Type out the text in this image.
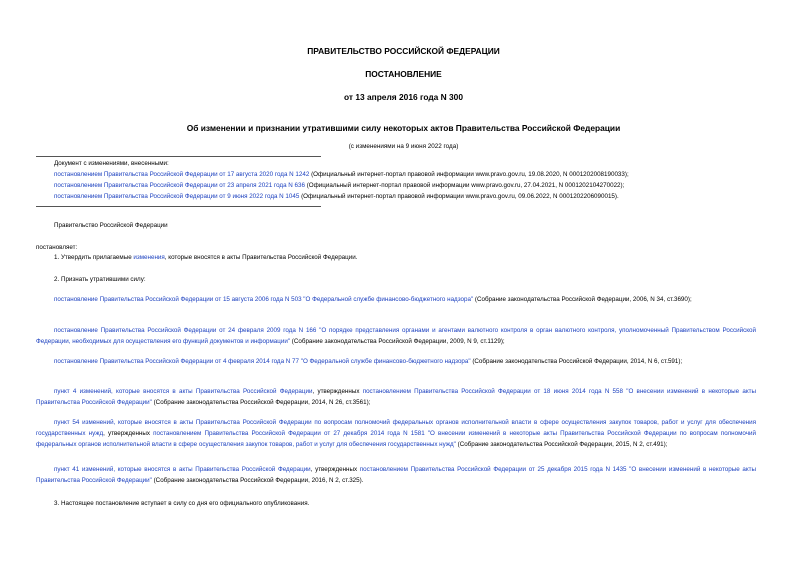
ПРАВИТЕЛЬСТВО РОССИЙСКОЙ ФЕДЕРАЦИИ
ПОСТАНОВЛЕНИЕ
от 13 апреля 2016 года N 300
Об изменении и признании утратившими силу некоторых актов Правительства Российской Федерации
(с изменениями на 9 июня 2022 года)
Документ с изменениями, внесенными:
постановлением Правительства Российской Федерации от 17 августа 2020 года N 1242 (Официальный интернет-портал правовой информации www.pravo.gov.ru, 19.08.2020, N 0001202008190033);
постановлением Правительства Российской Федерации от 23 апреля 2021 года N 636 (Официальный интернет-портал правовой информации www.pravo.gov.ru, 27.04.2021, N 0001202104270022);
постановлением Правительства Российской Федерации от 9 июня 2022 года N 1045 (Официальный интернет-портал правовой информации www.pravo.gov.ru, 09.06.2022, N 0001202206090015).
Правительство Российской Федерации
постановляет:
1. Утвердить прилагаемые изменения, которые вносятся в акты Правительства Российской Федерации.
2. Признать утратившими силу:
постановление Правительства Российской Федерации от 15 августа 2006 года N 503 "О Федеральной службе финансово-бюджетного надзора" (Собрание законодательства Российской Федерации, 2006, N 34, ст.3690);
постановление Правительства Российской Федерации от 24 февраля 2009 года N 166 "О порядке представления органами и агентами валютного контроля в орган валютного контроля, уполномоченный Правительством Российской Федерации, необходимых для осуществления его функций документов и информации" (Собрание законодательства Российской Федерации, 2009, N 9, ст.1129);
постановление Правительства Российской Федерации от 4 февраля 2014 года N 77 "О Федеральной службе финансово-бюджетного надзора" (Собрание законодательства Российской Федерации, 2014, N 6, ст.591);
пункт 4 изменений, которые вносятся в акты Правительства Российской Федерации, утвержденных постановлением Правительства Российской Федерации от 18 июня 2014 года N 558 "О внесении изменений в некоторые акты Правительства Российской Федерации" (Собрание законодательства Российской Федерации, 2014, N 26, ст.3561);
пункт 54 изменений, которые вносятся в акты Правительства Российской Федерации по вопросам полномочий федеральных органов исполнительной власти в сфере осуществления закупок товаров, работ и услуг для обеспечения государственных нужд, утвержденных постановлением Правительства Российской Федерации от 27 декабря 2014 года N 1581 "О внесении изменений в некоторые акты Правительства Российской Федерации по вопросам полномочий федеральных органов исполнительной власти в сфере осуществления закупок товаров, работ и услуг для обеспечения государственных нужд" (Собрание законодательства Российской Федерации, 2015, N 2, ст.491);
пункт 41 изменений, которые вносятся в акты Правительства Российской Федерации, утвержденных постановлением Правительства Российской Федерации от 25 декабря 2015 года N 1435 "О внесении изменений в некоторые акты Правительства Российской Федерации" (Собрание законодательства Российской Федерации, 2016, N 2, ст.325).
3. Настоящее постановление вступает в силу со дня его официального опубликования.
